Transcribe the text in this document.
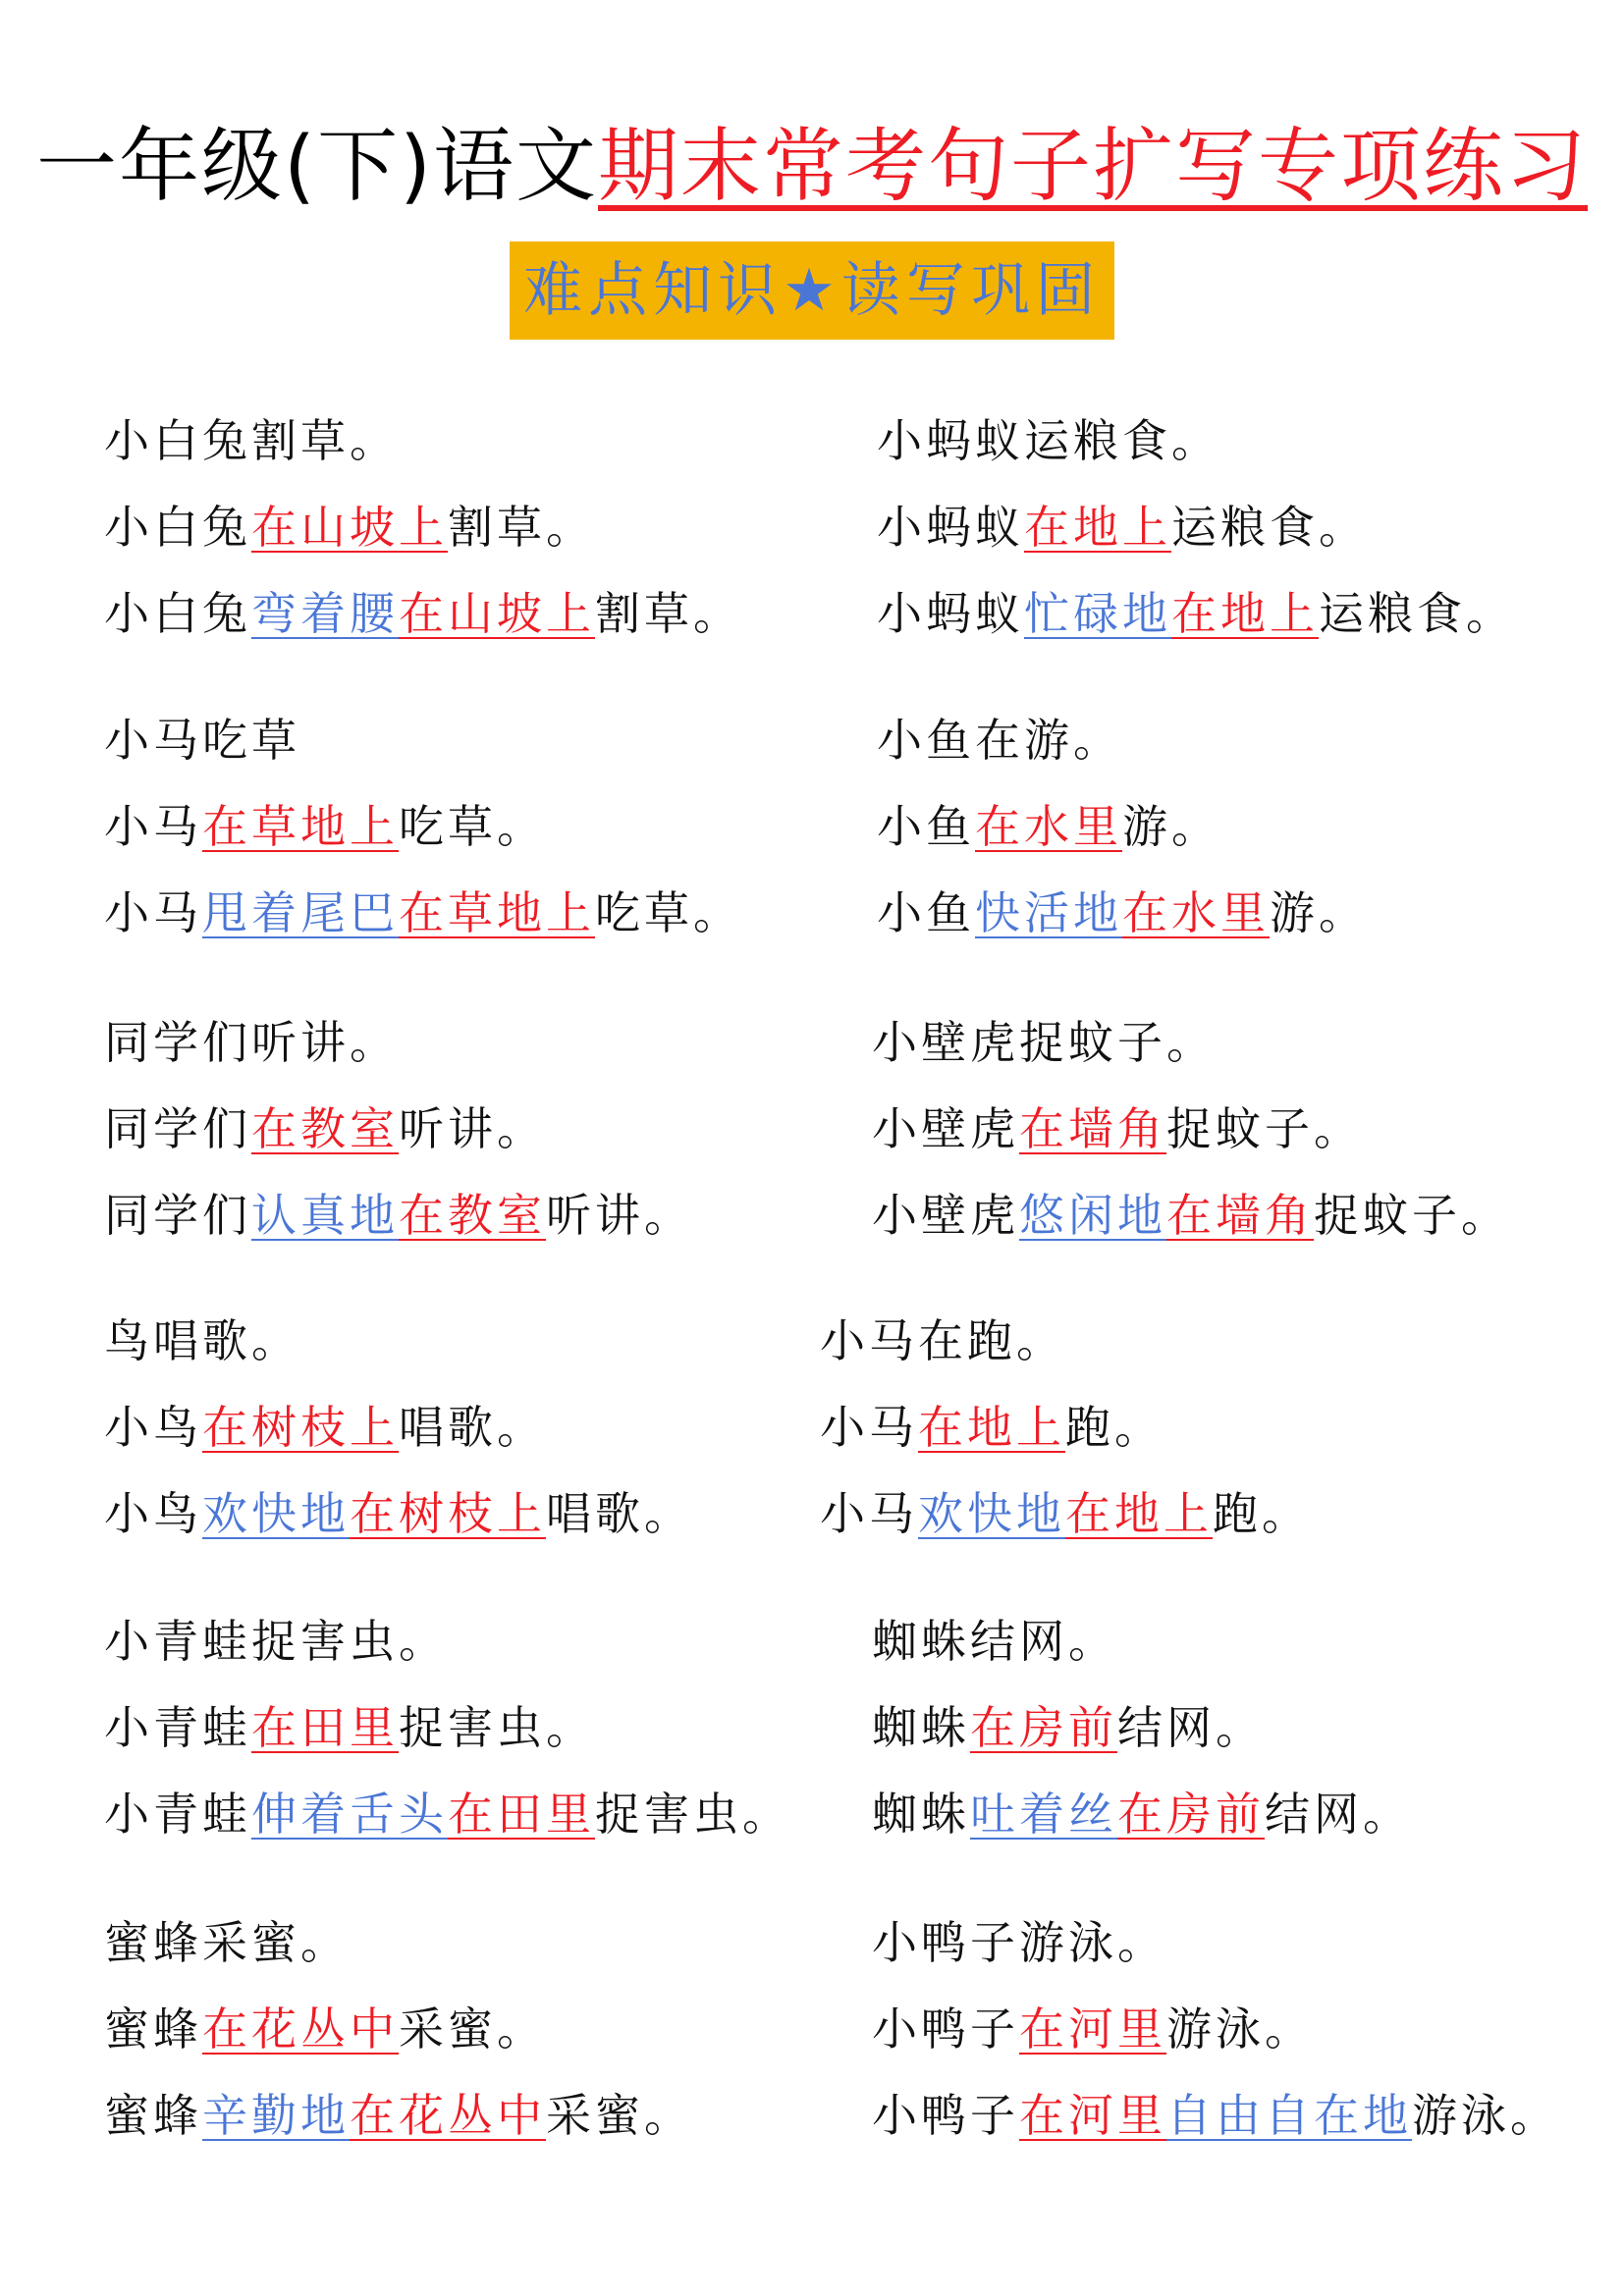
一年级(下)语文期末常考句子扩写专项练习
难点知识★读写巩固
小白兔割草。
小白兔在山坡上割草。
小白兔弯着腰在山坡上割草。
小蚂蚁运粮食。
小蚂蚁在地上运粮食。
小蚂蚁忙碌地在地上运粮食。
小马吃草
小马在草地上吃草。
小马甩着尾巴在草地上吃草。
小鱼在游。
小鱼在水里游。
小鱼快活地在水里游。
同学们听讲。
同学们在教室听讲。
同学们认真地在教室听讲。
小壁虎捉蚊子。
小壁虎在墙角捉蚊子。
小壁虎悠闲地在墙角捉蚊子。
鸟唱歌。
小鸟在树枝上唱歌。
小鸟欢快地在树枝上唱歌。
小马在跑。
小马在地上跑。
小马欢快地在地上跑。
小青蛙捉害虫。
小青蛙在田里捉害虫。
小青蛙伸着舌头在田里捉害虫。
蜘蛛结网。
蜘蛛在房前结网。
蜘蛛吐着丝在房前结网。
蜜蜂采蜜。
蜜蜂在花丛中采蜜。
蜜蜂辛勤地在花丛中采蜜。
小鸭子游泳。
小鸭子在河里游泳。
小鸭子在河里自由自在地游泳。
